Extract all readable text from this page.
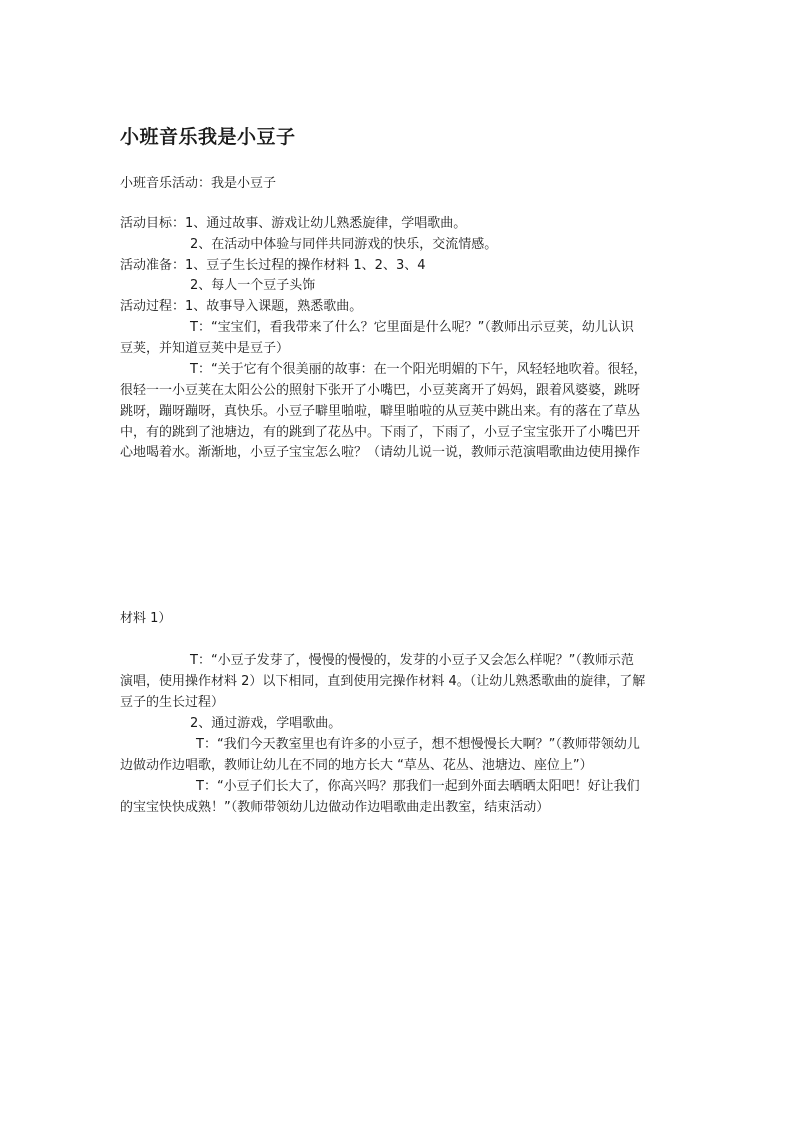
小班音乐我是小豆子
小班音乐活动：我是小豆子
活动目标：1、通过故事、游戏让幼儿熟悉旋律，学唱歌曲。
2、在活动中体验与同伴共同游戏的快乐，交流情感。
活动准备：1、豆子生长过程的操作材料 1、2、3、4
2、每人一个豆子头饰
活动过程：1、故事导入课题，熟悉歌曲。
T：“宝宝们，看我带来了什么？它里面是什么呢？”（教师出示豆荚，幼儿认识
豆荚，并知道豆荚中是豆子）
T：“关于它有个很美丽的故事：在一个阳光明媚的下午，风轻轻地吹着。很轻，
很轻一一小豆荚在太阳公公的照射下张开了小嘴巴，小豆荚离开了妈妈，跟着风婆婆，跳呀
跳呀，蹦呀蹦呀，真快乐。小豆子噼里啪啦，噼里啪啦的从豆荚中跳出来。有的落在了草丛
中，有的跳到了池塘边，有的跳到了花丛中。下雨了，下雨了，小豆子宝宝张开了小嘴巴开
心地喝着水。渐渐地，小豆子宝宝怎么啦？（请幼儿说一说，教师示范演唱歌曲边使用操作
材料 1）
T：“小豆子发芽了，慢慢的慢慢的，发芽的小豆子又会怎么样呢？”（教师示范
演唱，使用操作材料 2）以下相同，直到使用完操作材料 4。（让幼儿熟悉歌曲的旋律，了解
豆子的生长过程）
2、通过游戏，学唱歌曲。
T：“我们今天教室里也有许多的小豆子，想不想慢慢长大啊？”（教师带领幼儿
边做动作边唱歌，教师让幼儿在不同的地方长大 “草丛、花丛、池塘边、座位上”）
T：“小豆子们长大了，你高兴吗？那我们一起到外面去晒晒太阳吧！好让我们
的宝宝快快成熟！”（教师带领幼儿边做动作边唱歌曲走出教室，结束活动）
